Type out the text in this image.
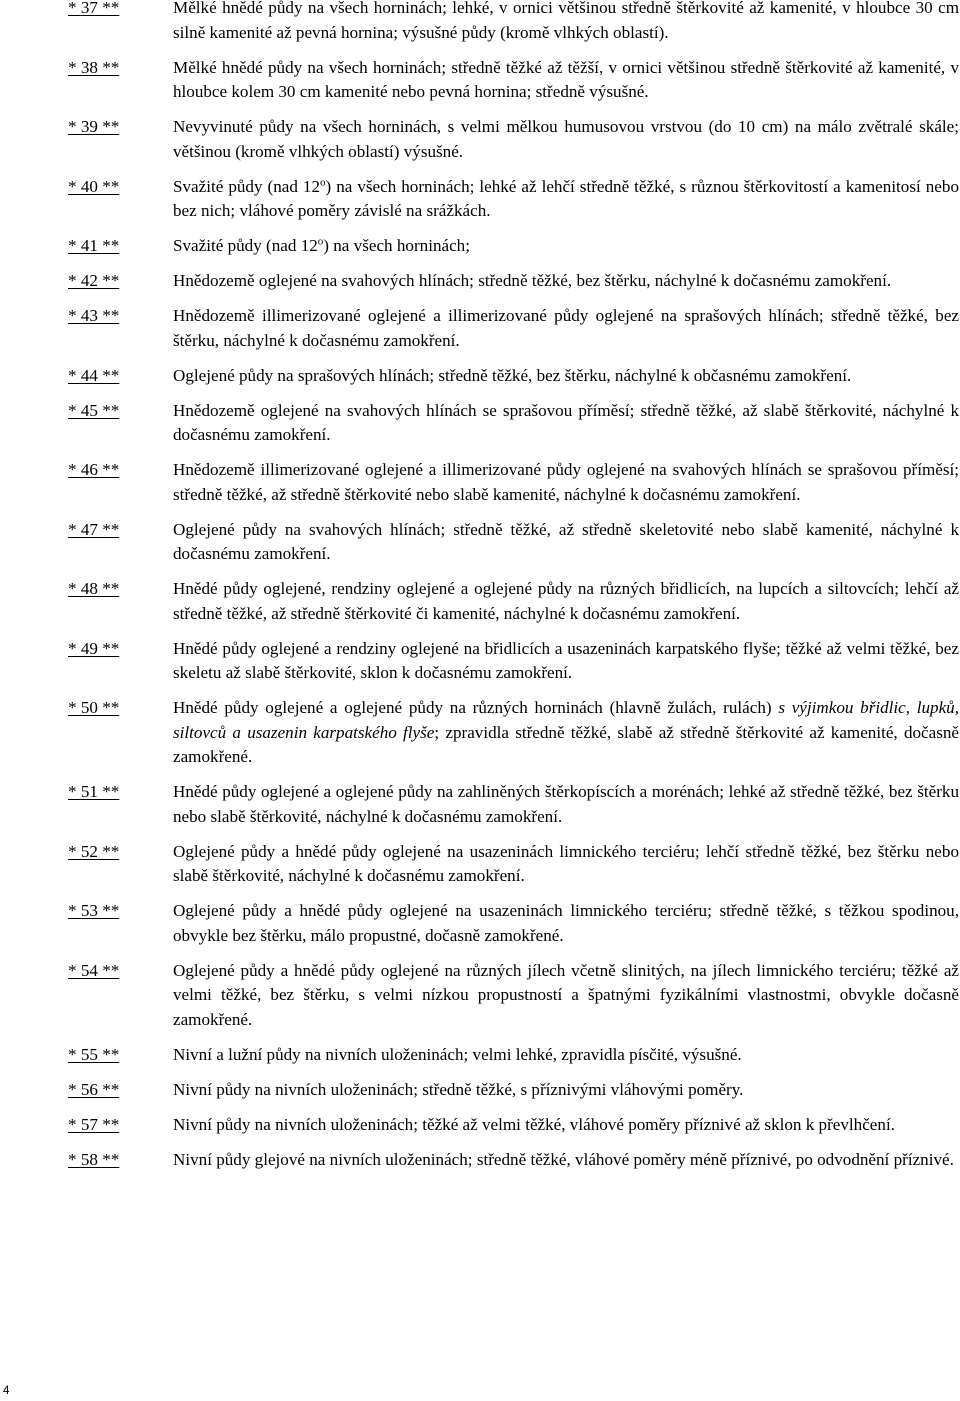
* 37 **	Mělké hnědé půdy na všech horninách; lehké, v ornici většinou středně štěrkovité až kamenité, v hloubce 30 cm silně kamenité až pevná hornina; výsušné půdy (kromě vlhkých oblastí).
* 38 **	Mělké hnědé půdy na všech horninách; středně těžké až těžší, v ornici většinou středně štěrkovité až kamenité, v hloubce kolem 30 cm kamenité nebo pevná hornina; středně výsušné.
* 39 **	Nevyvinuté půdy na všech horninách, s velmi mělkou humusovou vrstvou (do 10 cm) na málo zvětralé skále; většinou (kromě vlhkých oblastí) výsušné.
* 40 **	Svažité půdy (nad 12$^o$) na všech horninách; lehké až lehčí středně těžké, s různou štěrkovitostí a kamenitosí nebo bez nich; vláhové poměry závislé na srážkách.
* 41 **	Svažité půdy (nad 12$^o$) na všech horninách;
* 42 **	Hnědozemě oglejené na svahových hlínách; středně těžké, bez štěrku, náchylné k dočasnému zamokření.
* 43 **	Hnědozemě illimerizované oglejené a illimerizované půdy oglejené na sprašových hlínách; středně těžké, bez štěrku, náchylné k dočasnému zamokření.
* 44 **	Oglejené půdy na sprašových hlínách; středně těžké, bez štěrku, náchylné k občasnému zamokření.
* 45 **	Hnědozemě oglejené na svahových hlínách se sprašovou příměsí; středně těžké, až slabě štěrkovité, náchylné k dočasnému zamokření.
* 46 **	Hnědozemě illimerizované oglejené a illimerizované půdy oglejené na svahových hlínách se sprašovou příměsí; středně těžké, až středně štěrkovité nebo slabě kamenité, náchylné k dočasnému zamokření.
* 47 **	Oglejené půdy na svahových hlínách; středně těžké, až středně skeletovité nebo slabě kamenité, náchylné k dočasnému zamokření.
* 48 **	Hnědé půdy oglejené, rendziny oglejené a oglejené půdy na různých břidlicích, na lupcích a siltovcích; lehčí až středně těžké, až středně štěrkovité či kamenité, náchylné k dočasnému zamokření.
* 49 **	Hnědé půdy oglejené a rendziny oglejené na břidlicích a usazeninách karpatského flyše; těžké až velmi těžké, bez skeletu až slabě štěrkovité, sklon k dočasnému zamokření.
* 50 **	Hnědé půdy oglejené a oglejené půdy na různých horninách (hlavně žulách, rulách) s výjimkou břidlic, lupků, siltovců a usazenin karpatského flyše; zpravidla středně těžké, slabě až středně štěrkovité až kamenité, dočasně zamokřené.
* 51 **	Hnědé půdy oglejené a oglejené půdy na zahliněných štěrkopíscích a morénách; lehké až středně těžké, bez štěrku nebo slabě štěrkovité, náchylné k dočasnému zamokření.
* 52 **	Oglejené půdy a hnědé půdy oglejené na usazeninách limnického terciéru; lehčí středně těžké, bez štěrku nebo slabě štěrkovité, náchylné k dočasnému zamokření.
* 53 **	Oglejené půdy a hnědé půdy oglejené na usazeninách limnického terciéru; středně těžké, s těžkou spodinou, obvykle bez štěrku, málo propustné, dočasně zamokřené.
* 54 **	Oglejené půdy a hnědé půdy oglejené na různých jílech včetně slinitých, na jílech limnického terciéru; těžké až velmi těžké, bez štěrku, s velmi nízkou propustností a špatnými fyzikálními vlastnostmi, obvykle dočasně zamokřené.
* 55 **	Nivní a lužní půdy na nivních uloženinách; velmi lehké, zpravidla písčité, výsušné.
* 56 **	Nivní půdy na nivních uloženinách; středně těžké, s příznivými vláhovými poměry.
* 57 **	Nivní půdy na nivních uloženinách; těžké až velmi těžké, vláhové poměry příznivé až sklon k převlhčení.
* 58 **	Nivní půdy glejové na nivních uloženinách; středně těžké, vláhové poměry méně příznivé, po odvodnění příznivé.
4
